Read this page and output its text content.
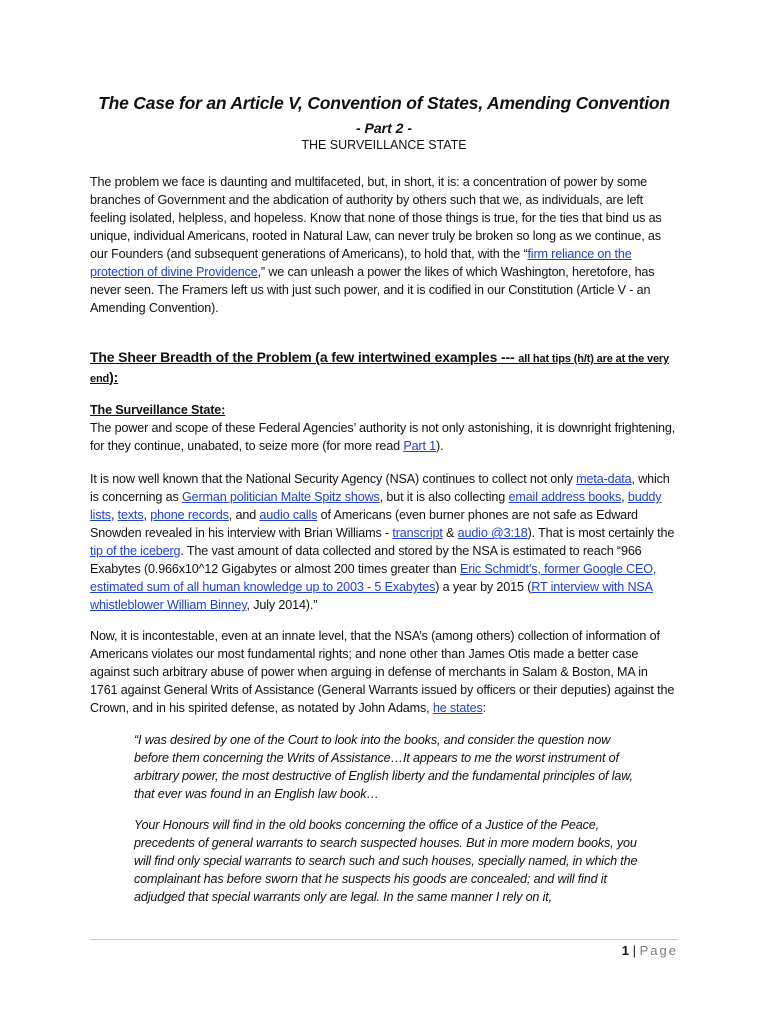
The Case for an Article V, Convention of States, Amending Convention
- Part 2 -
THE SURVEILLANCE STATE
The problem we face is daunting and multifaceted, but, in short, it is: a concentration of power by some branches of Government and the abdication of authority by others such that we, as individuals, are left feeling isolated, helpless, and hopeless. Know that none of those things is true, for the ties that bind us as unique, individual Americans, rooted in Natural Law, can never truly be broken so long as we continue, as our Founders (and subsequent generations of Americans), to hold that, with the “firm reliance on the protection of divine Providence,” we can unleash a power the likes of which Washington, heretofore, has never seen. The Framers left us with just such power, and it is codified in our Constitution (Article V - an Amending Convention).
The Sheer Breadth of the Problem (a few intertwined examples --- all hat tips (h/t) are at the very end):
The Surveillance State:
The power and scope of these Federal Agencies’ authority is not only astonishing, it is downright frightening, for they continue, unabated, to seize more (for more read Part 1).
It is now well known that the National Security Agency (NSA) continues to collect not only meta-data, which is concerning as German politician Malte Spitz shows, but it is also collecting email address books, buddy lists, texts, phone records, and audio calls of Americans (even burner phones are not safe as Edward Snowden revealed in his interview with Brian Williams - transcript & audio @3:18). That is most certainly the tip of the iceberg. The vast amount of data collected and stored by the NSA is estimated to reach “966 Exabytes (0.966x10^12 Gigabytes or almost 200 times greater than Eric Schmidt’s, former Google CEO, estimated sum of all human knowledge up to 2003 - 5 Exabytes) a year by 2015 (RT interview with NSA whistleblower William Binney, July 2014).”
Now, it is incontestable, even at an innate level, that the NSA’s (among others) collection of information of Americans violates our most fundamental rights; and none other than James Otis made a better case against such arbitrary abuse of power when arguing in defense of merchants in Salam & Boston, MA in 1761 against General Writs of Assistance (General Warrants issued by officers or their deputies) against the Crown, and in his spirited defense, as notated by John Adams, he states:
“I was desired by one of the Court to look into the books, and consider the question now before them concerning the Writs of Assistance…It appears to me the worst instrument of arbitrary power, the most destructive of English liberty and the fundamental principles of law, that ever was found in an English law book…
Your Honours will find in the old books concerning the office of a Justice of the Peace, precedents of general warrants to search suspected houses. But in more modern books, you will find only special warrants to search such and such houses, specially named, in which the complainant has before sworn that he suspects his goods are concealed; and will find it adjudged that special warrants only are legal. In the same manner I rely on it,
1 | Page
